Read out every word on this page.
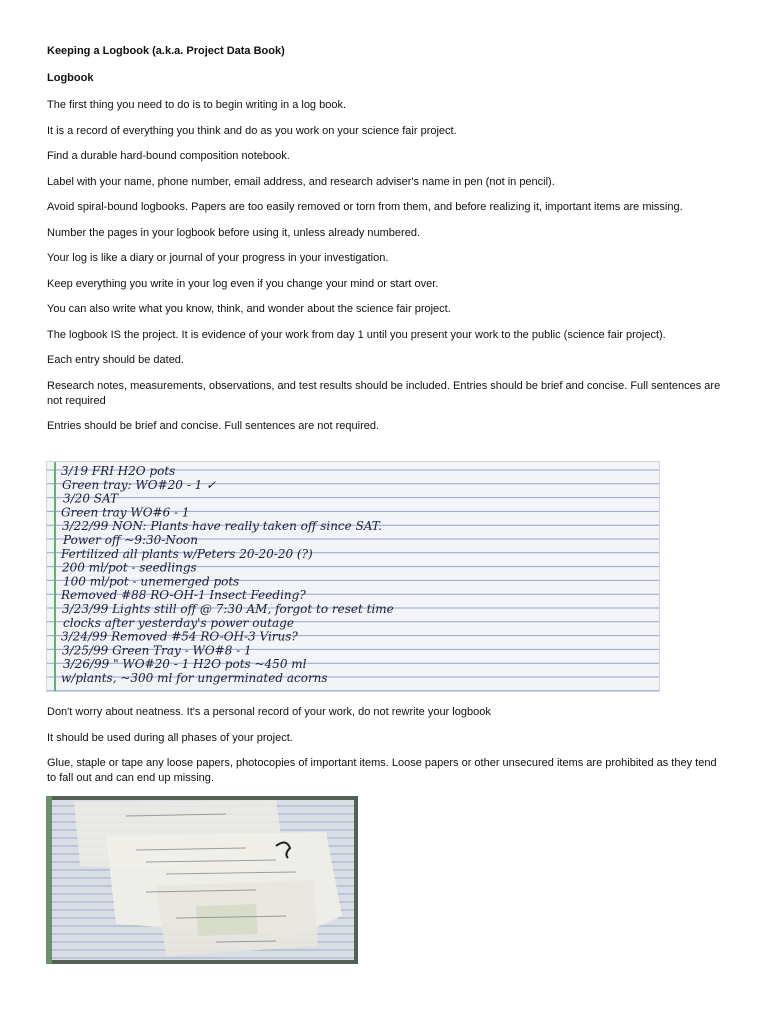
Keeping a Logbook (a.k.a. Project Data Book)
Logbook
The first thing you need to do is to begin writing in a log book.
It is a record of everything you think and do as you work on your science fair project.
Find a durable hard-bound composition notebook.
Label with your name, phone number, email address, and research adviser's name in pen (not in pencil).
Avoid spiral-bound logbooks. Papers are too easily removed or torn from them, and before realizing it, important items are missing.
Number the pages in your logbook before using it, unless already numbered.
Your log is like a diary or journal of your progress in your investigation.
Keep everything you write in your log even if you change your mind or start over.
You can also write what you know, think, and wonder about the science fair project.
The logbook IS the project. It is evidence of your work from day 1 until you present your work to the public (science fair project).
Each entry should be dated.
Research notes, measurements, observations, and test results should be included. Entries should be brief and concise. Full sentences are not required
Entries should be brief and concise. Full sentences are not required.
3/19 FRI H2O pots
Green tray: WO#20 - 1 ✓
3/20 SAT
Green tray WO#6 - 1
3/22/99 NON: Plants have really taken off since SAT.
Power off ~9:30-Noon
Fertilized all plants w/Peters 20-20-20 (?)
200 ml/pot - seedlings
100 ml/pot - unemerged pots
Removed #88 RO-OH-1 Insect Feeding?
3/23/99 Lights still off @ 7:30 AM, forgot to reset time
clocks after yesterday's power outage
3/24/99 Removed #54 RO-OH-3 Virus?
3/25/99 Green Tray - WO#8 - 1
3/26/99 " WO#20 - 1 H2O pots ~450 ml
w/plants, ~300 ml for ungerminated acorns
Don't worry about neatness. It's a personal record of your work, do not rewrite your logbook
It should be used during all phases of your project.
Glue, staple or tape any loose papers, photocopies of important items. Loose papers or other unsecured items are prohibited as they tend to fall out and can end up missing.
